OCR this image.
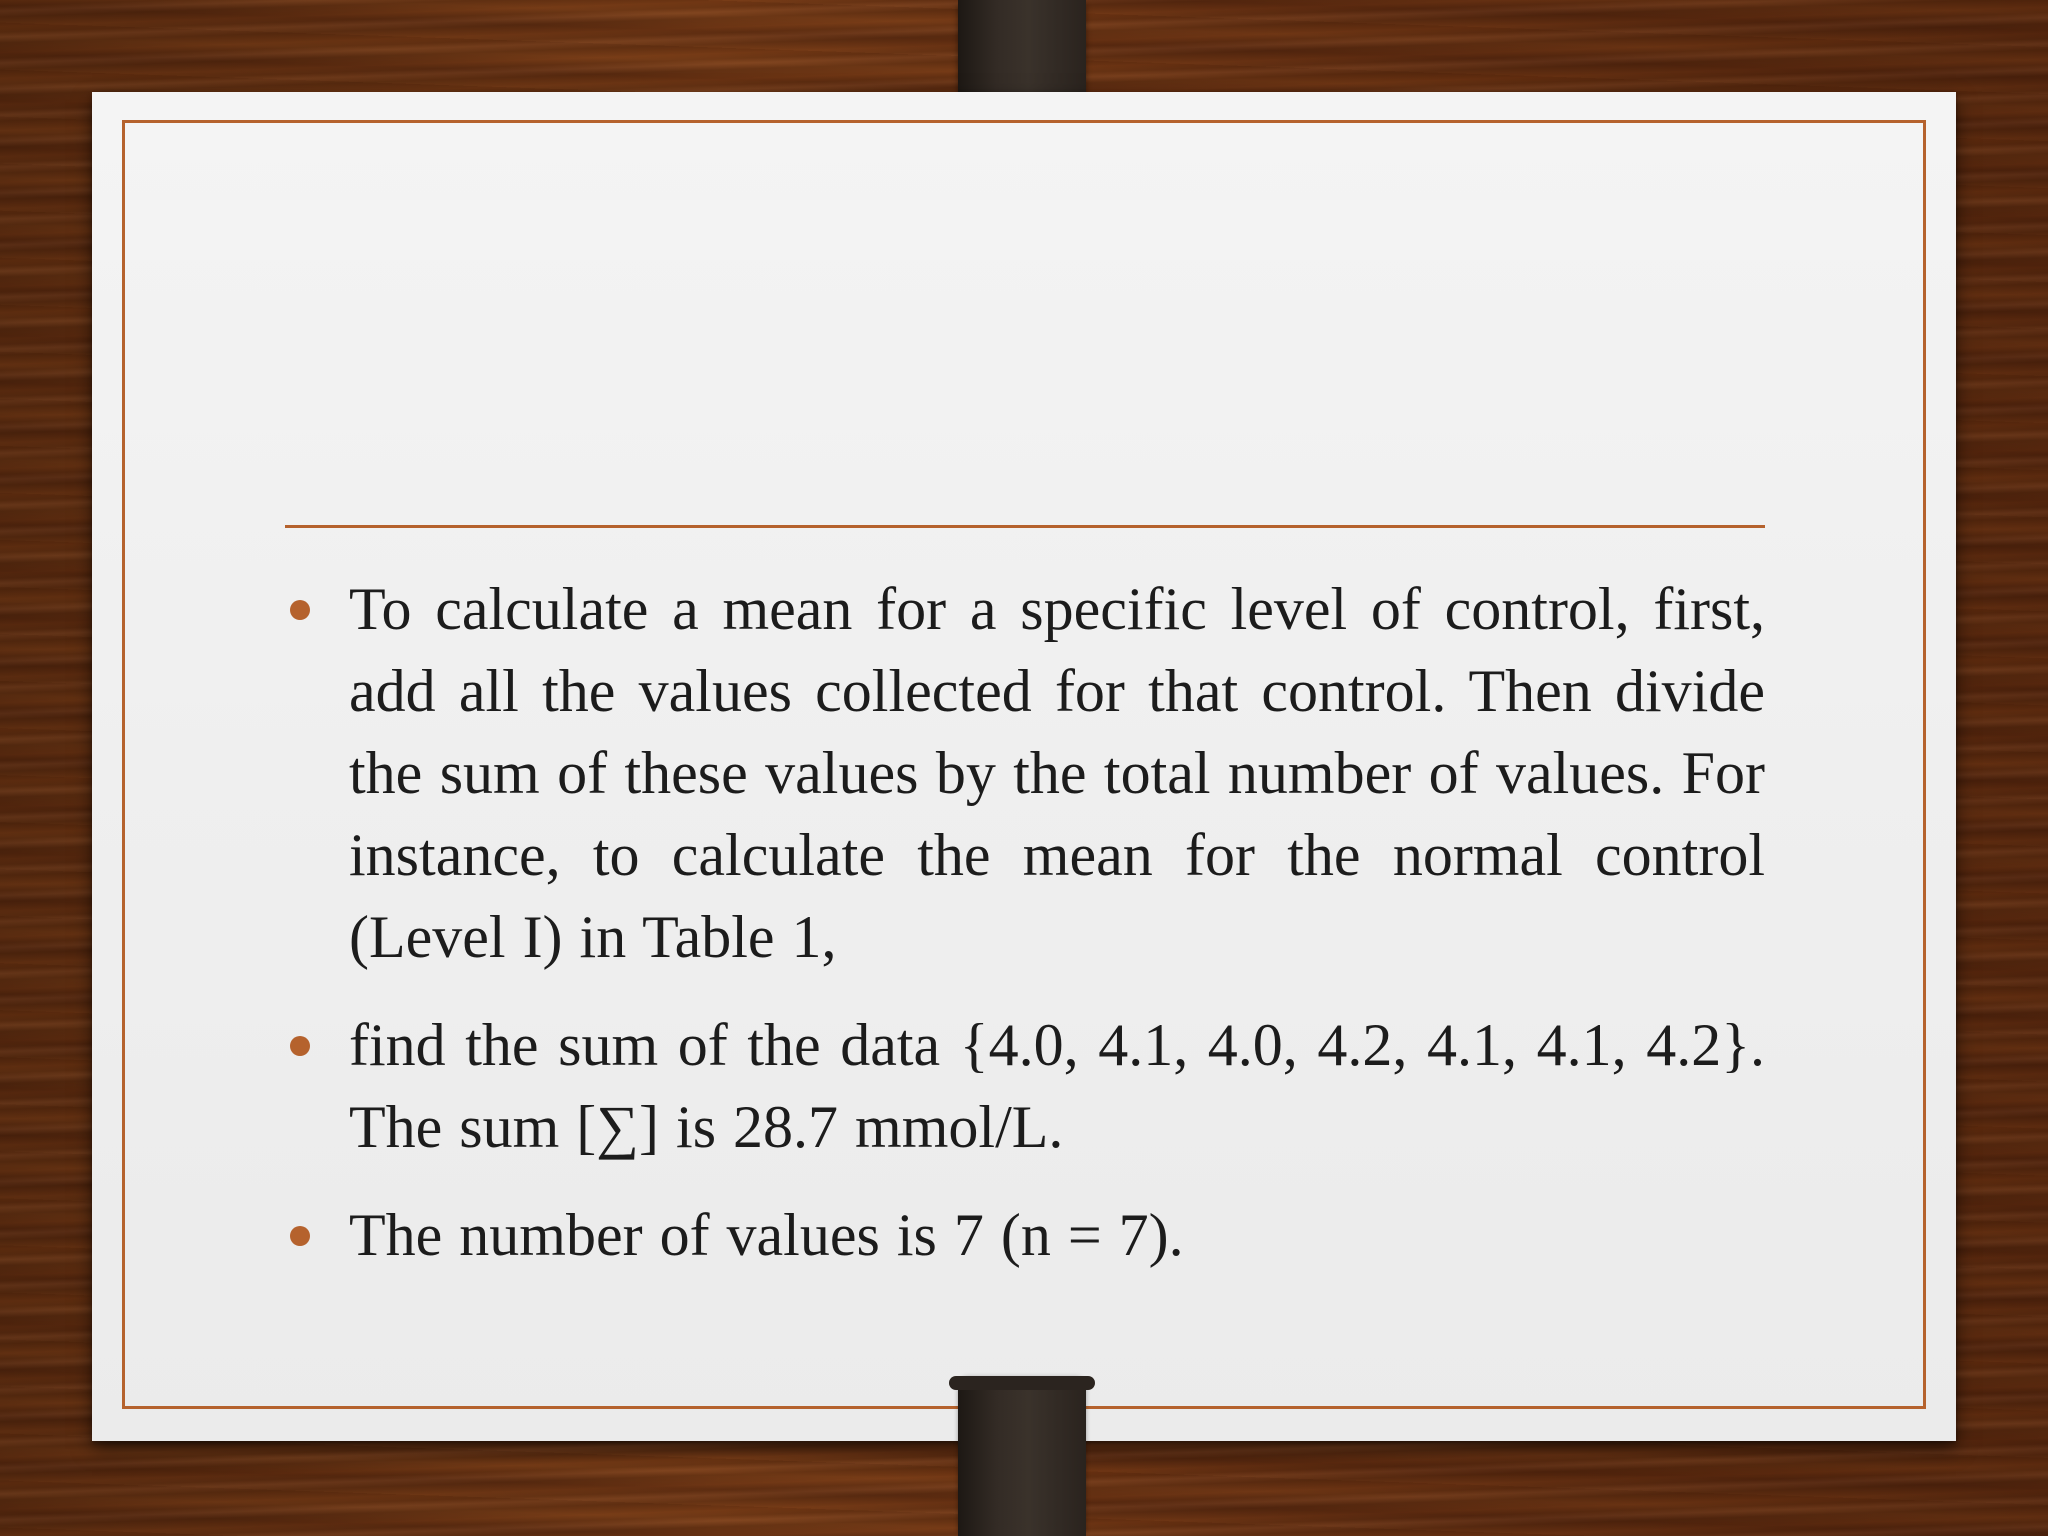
To calculate a mean for a specific level of control, first, add all the values collected for that control. Then divide the sum of these values by the total number of values. For instance, to calculate the mean for the normal control (Level I) in Table 1,
find the sum of the data {4.0, 4.1, 4.0, 4.2, 4.1, 4.1, 4.2}. The sum [∑] is 28.7 mmol/L.
The number of values is 7 (n = 7).
